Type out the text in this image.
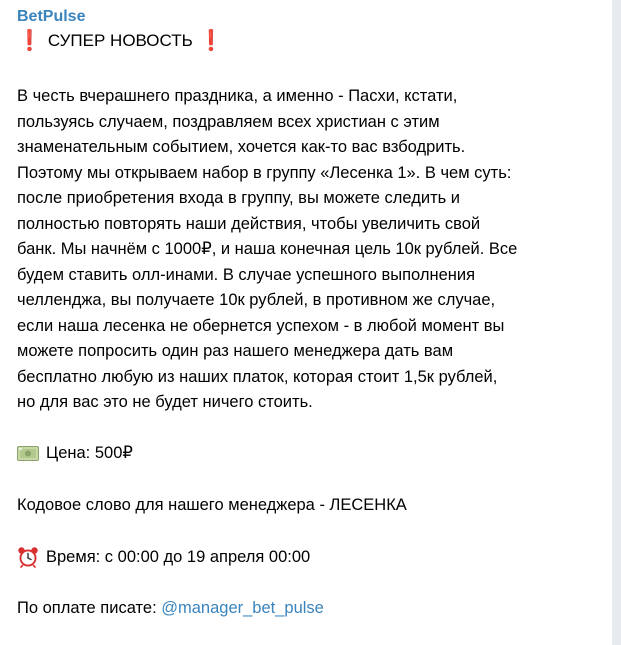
BetPulse
❗ СУПЕР НОВОСТЬ ❗
В честь вчерашнего праздника, а именно - Пасхи, кстати,
пользуясь случаем, поздравляем всех христиан с этим
знаменательным событием, хочется как-то вас взбодрить.
Поэтому мы открываем набор в группу «Лесенка 1». В чем суть:
после приобретения входа в группу, вы можете следить и
полностью повторять наши действия, чтобы увеличить свой
банк. Мы начнём с 1000₽, и наша конечная цель 10к рублей. Все
будем ставить олл-инами. В случае успешного выполнения
челленджа, вы получаете 10к рублей, в противном же случае,
если наша лесенка не обернется успехом - в любой момент вы
можете попросить один раз нашего менеджера дать вам
бесплатно любую из наших платок, которая стоит 1,5к рублей,
но для вас это не будет ничего стоить.
Цена: 500₽
Кодовое слово для нашего менеджера - ЛЕСЕНКА
Время: с 00:00 до 19 апреля 00:00
По оплате писате: @manager_bet_pulse
